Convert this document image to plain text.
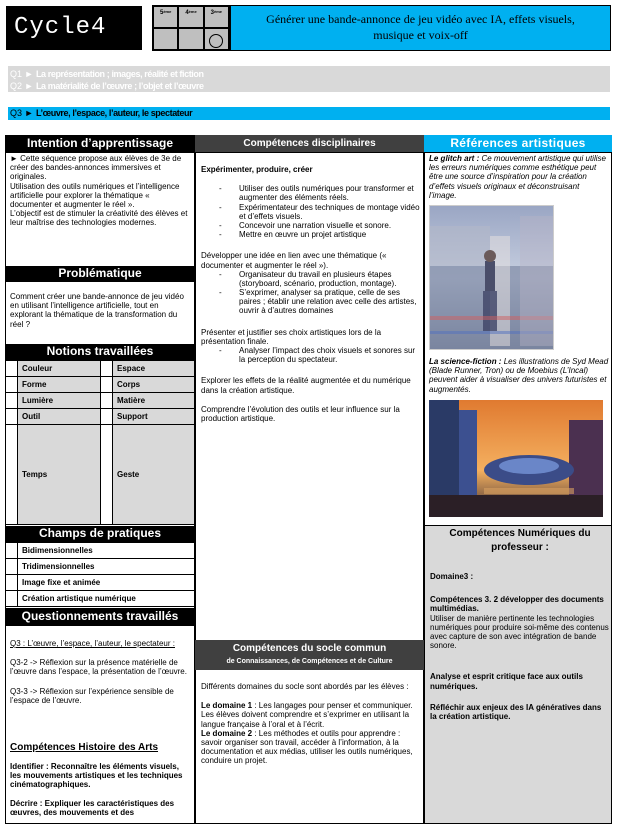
Cycle4
5 ème 4 ème 3 ème
Générer une bande-annonce de jeu vidéo avec IA, effets visuels, musique et voix-off
Q1 ► La représentation ; images, réalité et fiction
Q2 ► La matérialité de l’œuvre ; l’objet et l’œuvre
Q3 ► L’œuvre, l’espace, l’auteur, le spectateur
Intention d’apprentissage	Compétences disciplinaires	Références artistiques
► Cette séquence propose aux élèves de 3e de créer des bandes-annonces immersives et originales.
Utilisation des outils numériques et l’intelligence artificielle pour explorer la thématique « documenter et augmenter le réel ».
L’objectif est de stimuler la créativité des élèves et leur maîtrise des technologies modernes.
Problématique
Comment créer une bande-annonce de jeu vidéo en utilisant l’intelligence artificielle, tout en explorant la thématique de la transformation du réel ?
Notions travaillées
	Couleur		Espace
	Forme		Corps
	Lumière		Matière
	Outil		Support
	Temps		Geste
Champs de pratiques
	Bidimensionnelles
	Tridimensionnelles
	Image fixe et animée
	Création artistique numérique
Questionnements travaillés
Q3 : L’œuvre, l’espace, l’auteur, le spectateur :
Q3-2 -> Réflexion sur la présence matérielle de l’œuvre dans l’espace, la présentation de l’œuvre.
Q3-3 -> Réflexion sur l’expérience sensible de l’espace de l’œuvre.
Compétences Histoire des Arts
Identifier : Reconnaître les éléments visuels, les mouvements artistiques et les techniques cinématographiques.
Décrire : Expliquer les caractéristiques des œuvres, des mouvements et des
Expérimenter, produire, créer
- Utiliser des outils numériques pour transformer et augmenter des éléments réels.
- Expérimentateur des techniques de montage vidéo et d’effets visuels.
- Concevoir une narration visuelle et sonore.
- Mettre en œuvre un projet artistique
Développer une idée en lien avec une thématique (« documenter et augmenter le réel »).
- Organisateur du travail en plusieurs étapes (storyboard, scénario, production, montage).
- S’exprimer, analyser sa pratique, celle de ses paires ; établir une relation avec celle des artistes, ouvrir à d’autres domaines
Présenter et justifier ses choix artistiques lors de la présentation finale.
- Analyser l’impact des choix visuels et sonores sur la perception du spectateur.
Explorer les effets de la réalité augmentée et du numérique dans la création artistique.
Comprendre l’évolution des outils et leur influence sur la production artistique.
Compétences du socle commun
de Connaissances, de Compétences et de Culture
Différents domaines du socle sont abordés par les élèves :
Le domaine 1 : Les langages pour penser et communiquer. Les élèves doivent comprendre et s’exprimer en utilisant la langue française à l’oral et à l’écrit.
Le domaine 2 : Les méthodes et outils pour apprendre : savoir organiser son travail, accéder à l’information, à la documentation et aux médias, utiliser les outils numériques, conduire un projet.
Le glitch art : Ce mouvement artistique qui utilise les erreurs numériques comme esthétique peut être une source d’inspiration pour la création d’effets visuels originaux et déconstruisant l’image.
La science-fiction : Les illustrations de Syd Mead (Blade Runner, Tron) ou de Moebius (L’Incal) peuvent aider à visualiser des univers futuristes et augmentés.
Compétences Numériques du professeur :
Domaine3 :
Compétences 3. 2 développer des documents multimédias.
Utiliser de manière pertinente les technologies numériques pour produire soi-même des contenus avec capture de son avec intégration de bande sonore.
Analyse et esprit critique face aux outils numériques.
Réfléchir aux enjeux des IA génératives dans la création artistique.
